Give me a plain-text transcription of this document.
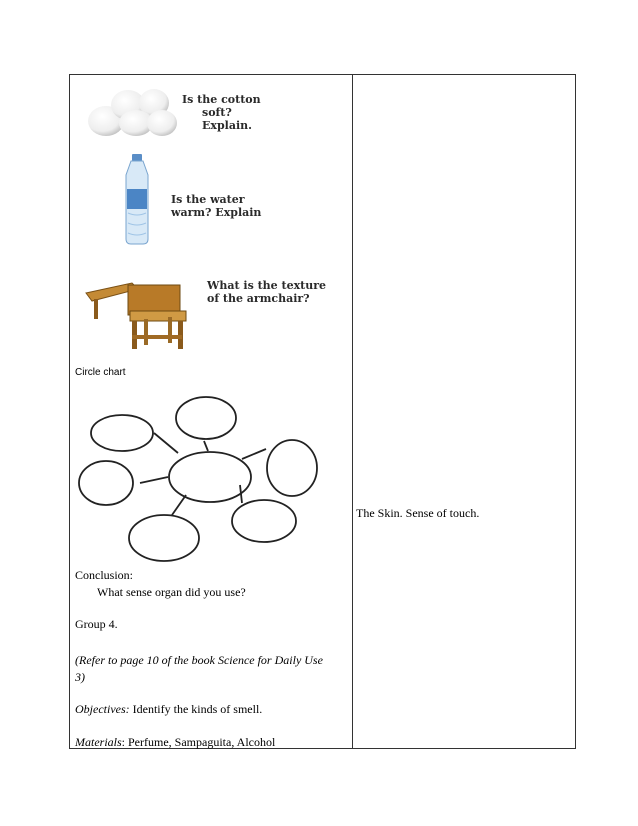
Is the cotton
soft?
Explain.
Is the water
warm? Explain
What is the texture
of the armchair?
Circle chart
Conclusion:
What sense organ did you use?
Group 4.
(Refer to page 10 of the book Science for Daily Use
3)
Objectives: Identify the kinds of smell.
Materials: Perfume, Sampaguita, Alcohol
The Skin. Sense of touch.
